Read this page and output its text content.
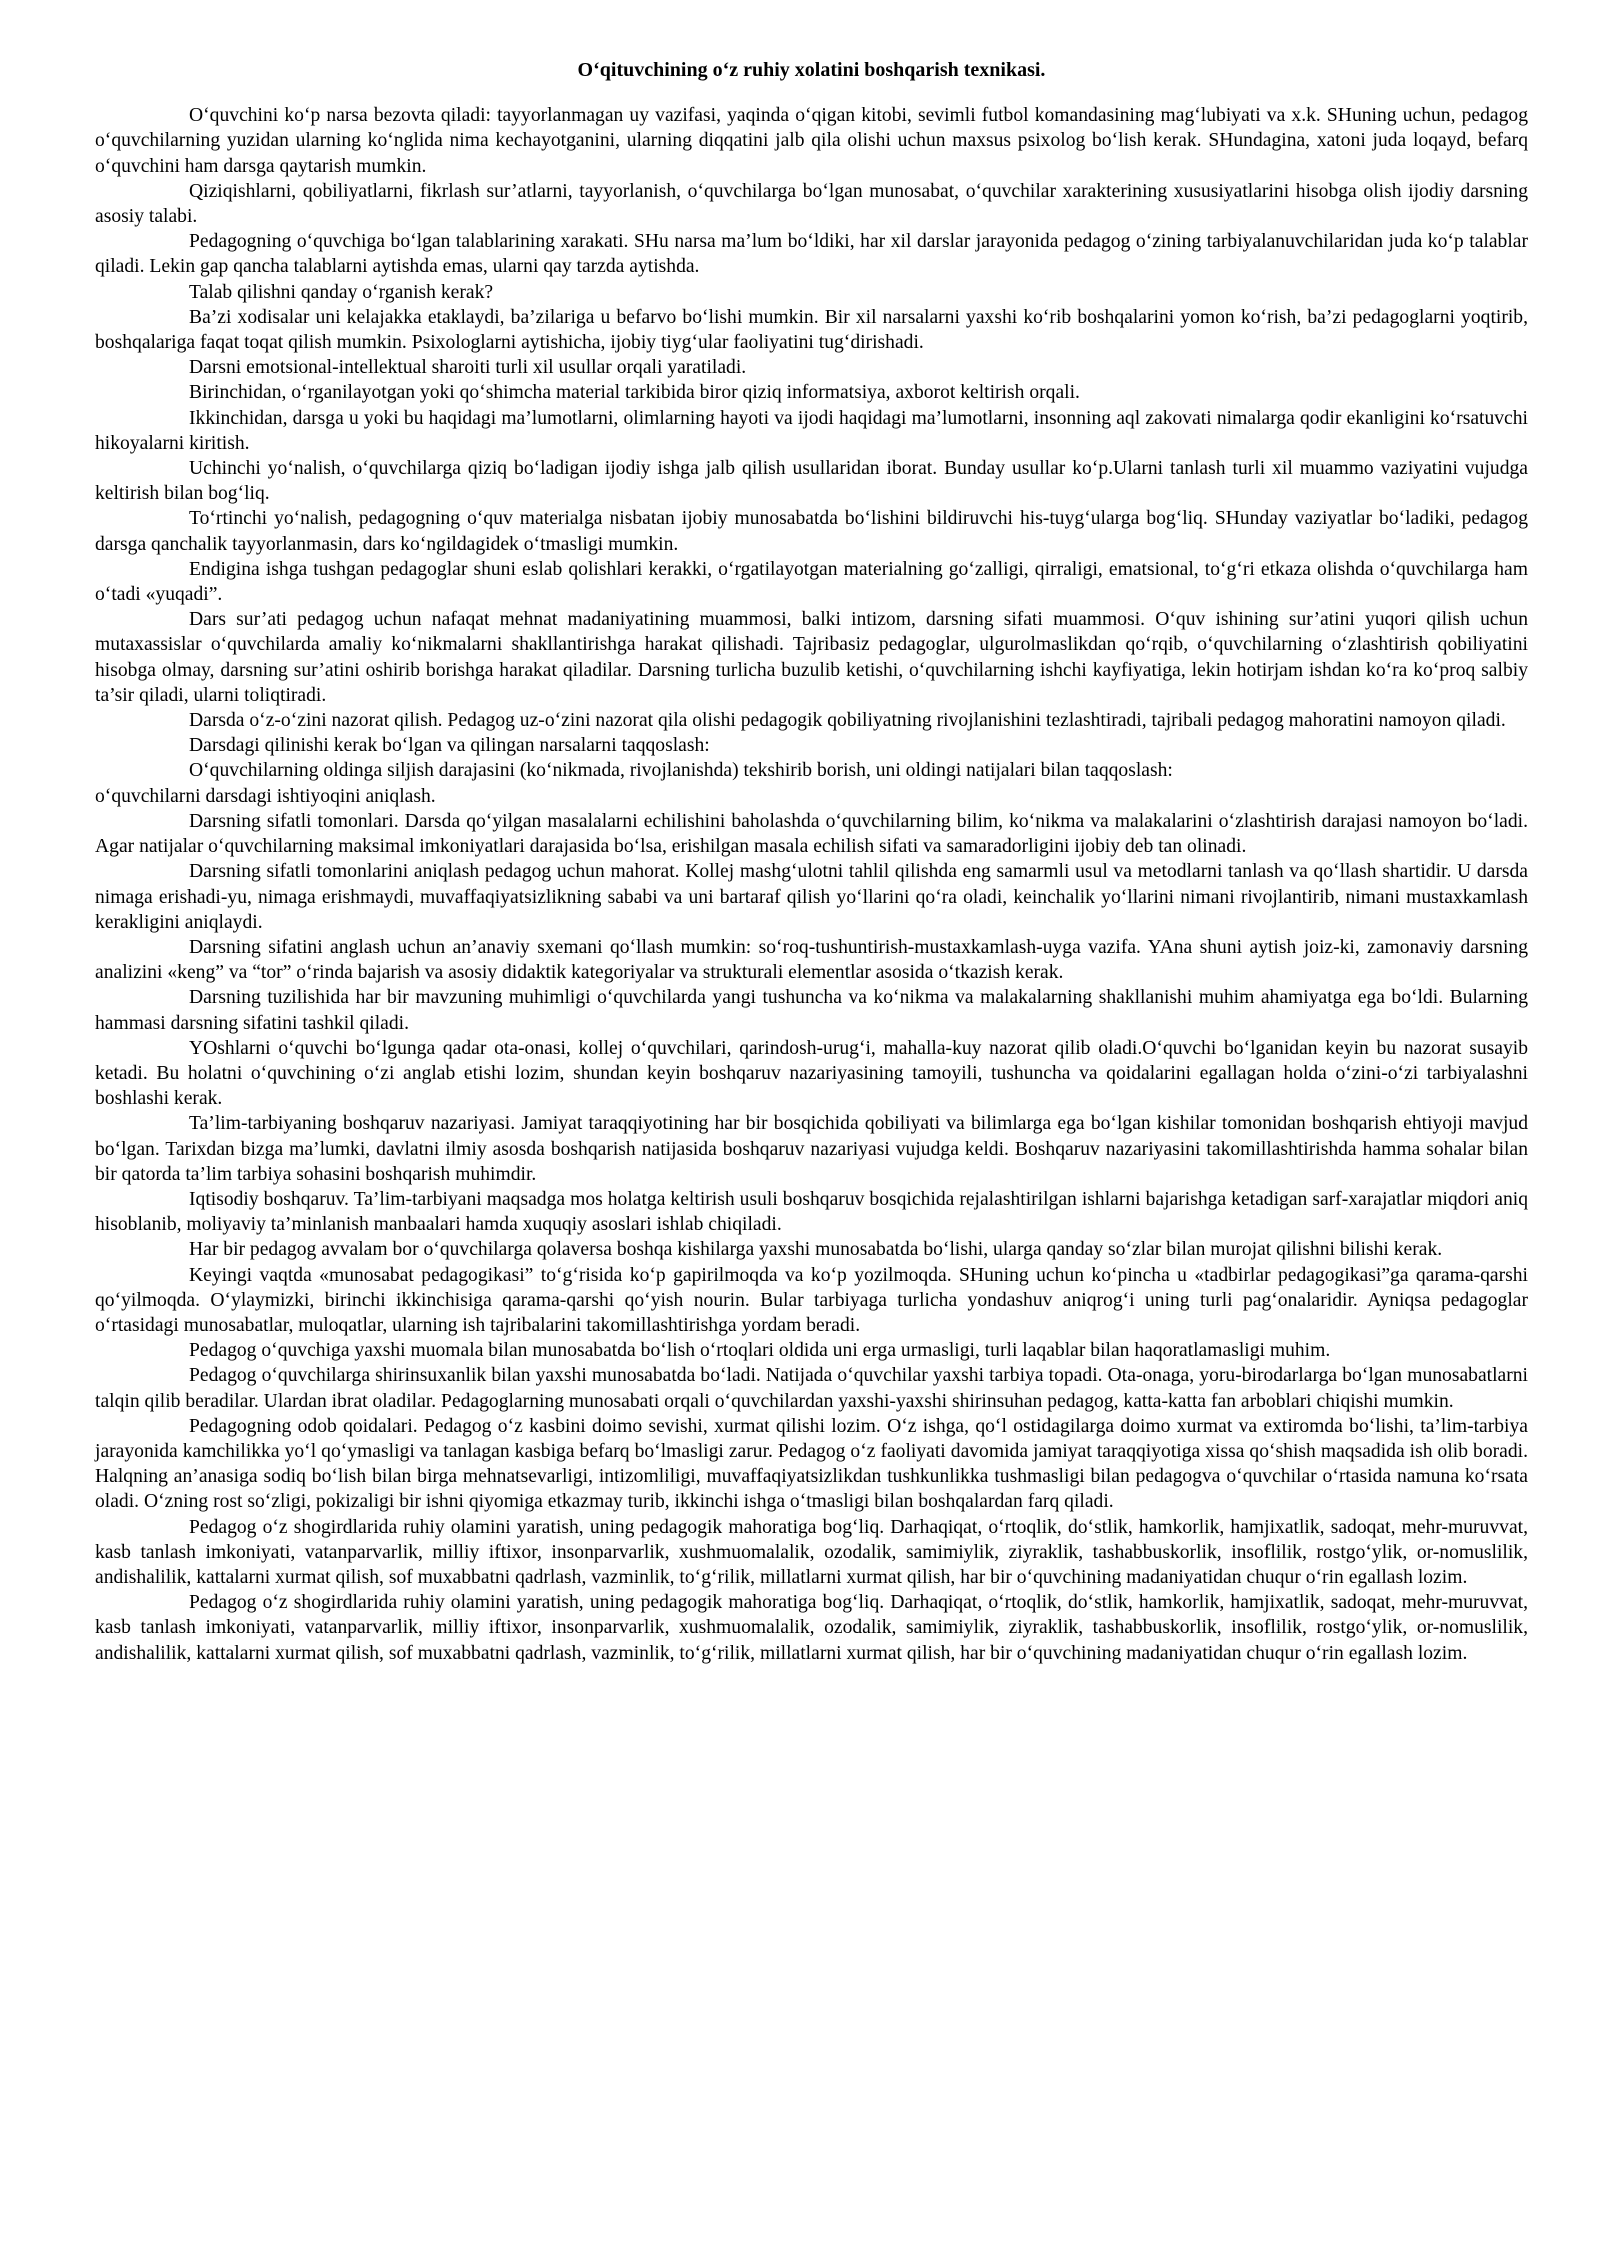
O‘qituvchining o‘z ruhiy xolatini boshqarish texnikasi.

O‘quvchini ko‘p narsa bezovta qiladi: tayyorlanmagan uy vazifasi, yaqinda o‘qigan kitobi, sevimli futbol komandasining mag‘lubiyati va x.k. SHuning uchun, pedagog o‘quvchilarning yuzidan ularning ko‘nglida nima kechayotganini, ularning diqqatini jalb qila olishi uchun maxsus psixolog bo‘lish kerak. SHundagina, xatoni juda loqayd, befarq o‘quvchini ham darsga qaytarish mumkin.

Qiziqishlarni, qobiliyatlarni, fikrlash sur’atlarni, tayyorlanish, o‘quvchilarga bo‘lgan munosabat, o‘quvchilar xarakterining xususiyatlarini hisobga olish ijodiy darsning asosiy talabi.

Pedagogning o‘quvchiga bo‘lgan talablarining xarakati. SHu narsa ma’lum bo‘ldiki, har xil darslar jarayonida pedagog o‘zining tarbiyalanuvchilaridan juda ko‘p talablar qiladi. Lekin gap qancha talablarni aytishda emas, ularni qay tarzda aytishda.

Talab qilishni qanday o‘rganish kerak?

Ba’zi xodisalar uni kelajakka etaklaydi, ba’zilariga u befarvo bo‘lishi mumkin. Bir xil narsalarni yaxshi ko‘rib boshqalarini yomon ko‘rish, ba’zi pedagoglarni yoqtirib, boshqalariga faqat toqat qilish mumkin. Psixologlarni aytishicha, ijobiy tiyg‘ular faoliyatini tug‘dirishadi.

Darsni emotsional-intellektual sharoiti turli xil usullar orqali yaratiladi.

Birinchidan, o‘rganilayotgan yoki qo‘shimcha material tarkibida biror qiziq informatsiya, axborot keltirish orqali.

Ikkinchidan, darsga u yoki bu haqidagi ma’lumotlarni, olimlarning hayoti va ijodi haqidagi ma’lumotlarni, insonning aql zakovati nimalarga qodir ekanligini ko‘rsatuvchi hikoyalarni kiritish.

Uchinchi yo‘nalish, o‘quvchilarga qiziq bo‘ladigan ijodiy ishga jalb qilish usullaridan iborat. Bunday usullar ko‘p.Ularni tanlash turli xil muammo vaziyatini vujudga keltirish bilan bog‘liq.

To‘rtinchi yo‘nalish, pedagogning o‘quv materialga nisbatan ijobiy munosabatda bo‘lishini bildiruvchi his-tuyg‘ularga bog‘liq. SHunday vaziyatlar bo‘ladiki, pedagog darsga qanchalik tayyorlanmasin, dars ko‘ngildagidek o‘tmasligi mumkin.

Endigina ishga tushgan pedagoglar shuni eslab qolishlari kerakki, o‘rgatilayotgan materialning go‘zalligi, qirraligi, ematsional, to‘g‘ri etkaza olishda o‘quvchilarga ham o‘tadi «yuqadi”.

Dars sur’ati pedagog uchun nafaqat mehnat madaniyatining muammosi, balki intizom, darsning sifati muammosi. O‘quv ishining sur’atini yuqori qilish uchun mutaxassislar o‘quvchilarda amaliy ko‘nikmalarni shakllantirishga harakat qilishadi. Tajribasiz pedagoglar, ulgurolmaslikdan qo‘rqib, o‘quvchilarning o‘zlashtirish qobiliyatini hisobga olmay, darsning sur’atini oshirib borishga harakat qiladilar. Darsning turlicha buzulib ketishi, o‘quvchilarning ishchi kayfiyatiga, lekin hotirjam ishdan ko‘ra ko‘proq salbiy ta’sir qiladi, ularni toliqtiradi.

Darsda o‘z-o‘zini nazorat qilish. Pedagog uz-o‘zini nazorat qila olishi pedagogik qobiliyatning rivojlanishini tezlashtiradi, tajribali pedagog mahoratini namoyon qiladi.

Darsdagi qilinishi kerak bo‘lgan va qilingan narsalarni taqqoslash:

O‘quvchilarning oldinga siljish darajasini (ko‘nikmada, rivojlanishda) tekshirib borish, uni oldingi natijalari bilan taqqoslash:

o‘quvchilarni darsdagi ishtiyoqini aniqlash.

Darsning sifatli tomonlari. Darsda qo‘yilgan masalalarni echilishini baholashda o‘quvchilarning bilim, ko‘nikma va malakalarini o‘zlashtirish darajasi namoyon bo‘ladi. Agar natijalar o‘quvchilarning maksimal imkoniyatlari darajasida bo‘lsa, erishilgan masala echilish sifati va samaradorligini ijobiy deb tan olinadi.

Darsning sifatli tomonlarini aniqlash pedagog uchun mahorat. Kollej mashg‘ulotni tahlil qilishda eng samarmli usul va metodlarni tanlash va qo‘llash shartidir. U darsda nimaga erishadi-yu, nimaga erishmaydi, muvaffaqiyatsizlikning sababi va uni bartaraf qilish yo‘llarini qo‘ra oladi, keinchalik yo‘llarini nimani rivojlantirib, nimani mustaxkamlash kerakligini aniqlaydi.

Darsning sifatini anglash uchun an’anaviy sxemani qo‘llash mumkin: so‘roq-tushuntirish-mustaxkamlash-uyga vazifa. YAna shuni aytish joiz-ki, zamonaviy darsning analizini «keng” va “tor” o‘rinda bajarish va asosiy didaktik kategoriyalar va strukturali elementlar asosida o‘tkazish kerak.

Darsning tuzilishida har bir mavzuning muhimligi o‘quvchilarda yangi tushuncha va ko‘nikma va malakalarning shakllanishi muhim ahamiyatga ega bo‘ldi. Bularning hammasi darsning sifatini tashkil qiladi.

YOshlarni o‘quvchi bo‘lgunga qadar ota-onasi, kollej o‘quvchilari, qarindosh-urug‘i, mahalla-kuy nazorat qilib oladi.O‘quvchi bo‘lganidan keyin bu nazorat susayib ketadi. Bu holatni o‘quvchining o‘zi anglab etishi lozim, shundan keyin boshqaruv nazariyasining tamoyili, tushuncha va qoidalarini egallagan holda o‘zini-o‘zi tarbiyalashni boshlashi kerak.

Ta’lim-tarbiyaning boshqaruv nazariyasi. Jamiyat taraqqiyotining har bir bosqichida qobiliyati va bilimlarga ega bo‘lgan kishilar tomonidan boshqarish ehtiyoji mavjud bo‘lgan. Tarixdan bizga ma’lumki, davlatni ilmiy asosda boshqarish natijasida boshqaruv nazariyasi vujudga keldi. Boshqaruv nazariyasini takomillashtirishda hamma sohalar bilan bir qatorda ta’lim tarbiya sohasini boshqarish muhimdir.

Iqtisodiy boshqaruv. Ta’lim-tarbiyani maqsadga mos holatga keltirish usuli boshqaruv bosqichida rejalashtirilgan ishlarni bajarishga ketadigan sarf-xarajatlar miqdori aniq hisoblanib, moliyaviy ta’minlanish manbaalari hamda xuquqiy asoslari ishlab chiqiladi.

Har bir pedagog avvalam bor o‘quvchilarga qolaversa boshqa kishilarga yaxshi munosabatda bo‘lishi, ularga qanday so‘zlar bilan murojat qilishni bilishi kerak.

Keyingi vaqtda «munosabat pedagogikasi” to‘g‘risida ko‘p gapirilmoqda va ko‘p yozilmoqda. SHuning uchun ko‘pincha u «tadbirlar pedagogikasi”ga qarama-qarshi qo‘yilmoqda. O‘ylaymizki, birinchi ikkinchisiga qarama-qarshi qo‘yish nourin. Bular tarbiyaga turlicha yondashuv aniqrog‘i uning turli pag‘onalaridir. Ayniqsa pedagoglar o‘rtasidagi munosabatlar, muloqatlar, ularning ish tajribalarini takomillashtirishga yordam beradi.

Pedagog o‘quvchiga yaxshi muomala bilan munosabatda bo‘lish o‘rtoqlari oldida uni erga urmasligi, turli laqablar bilan haqoratlamasligi muhim.

Pedagog o‘quvchilarga shirinsuxanlik bilan yaxshi munosabatda bo‘ladi. Natijada o‘quvchilar yaxshi tarbiya topadi. Ota-onaga, yoru-birodarlarga bo‘lgan munosabatlarni talqin qilib beradilar. Ulardan ibrat oladilar. Pedagoglarning munosabati orqali o‘quvchilardan yaxshi-yaxshi shirinsuhan pedagog, katta-katta fan arboblari chiqishi mumkin.

Pedagogning odob qoidalari. Pedagog o‘z kasbini doimo sevishi, xurmat qilishi lozim. O‘z ishga, qo‘l ostidagilarga doimo xurmat va extiromda bo‘lishi, ta’lim-tarbiya jarayonida kamchilikka yo‘l qo‘ymasligi va tanlagan kasbiga befarq bo‘lmasligi zarur. Pedagog o‘z faoliyati davomida jamiyat taraqqiyotiga xissa qo‘shish maqsadida ish olib boradi. Halqning an’anasiga sodiq bo‘lish bilan birga mehnatsevarligi, intizomliligi, muvaffaqiyatsizlikdan tushkunlikka tushmasligi bilan pedagogva o‘quvchilar o‘rtasida namuna ko‘rsata oladi. O‘zning rost so‘zligi, pokizaligi bir ishni qiyomiga etkazmay turib, ikkinchi ishga o‘tmasligi bilan boshqalardan farq qiladi.

Pedagog o‘z shogirdlarida ruhiy olamini yaratish, uning pedagogik mahoratiga bog‘liq. Darhaqiqat, o‘rtoqlik, do‘stlik, hamkorlik, hamjixatlik, sadoqat, mehr-muruvvat, kasb tanlash imkoniyati, vatanparvarlik, milliy iftixor, insonparvarlik, xushmuomalalik, ozodalik, samimiylik, ziyraklik, tashabbuskorlik, insoflilik, rostgo‘ylik, or-nomuslilik, andishalilik, kattalarni xurmat qilish, sof muxabbatni qadrlash, vazminlik, to‘g‘rilik, millatlarni xurmat qilish, har bir o‘quvchining madaniyatidan chuqur o‘rin egallash lozim.

Pedagog o‘z shogirdlarida ruhiy olamini yaratish, uning pedagogik mahoratiga bog‘liq. Darhaqiqat, o‘rtoqlik, do‘stlik, hamkorlik, hamjixatlik, sadoqat, mehr-muruvvat, kasb tanlash imkoniyati, vatanparvarlik, milliy iftixor, insonparvarlik, xushmuomalalik, ozodalik, samimiylik, ziyraklik, tashabbuskorlik, insoflilik, rostgo‘ylik, or-nomuslilik, andishalilik, kattalarni xurmat qilish, sof muxabbatni qadrlash, vazminlik, to‘g‘rilik, millatlarni xurmat qilish, har bir o‘quvchining madaniyatidan chuqur o‘rin egallash lozim.
